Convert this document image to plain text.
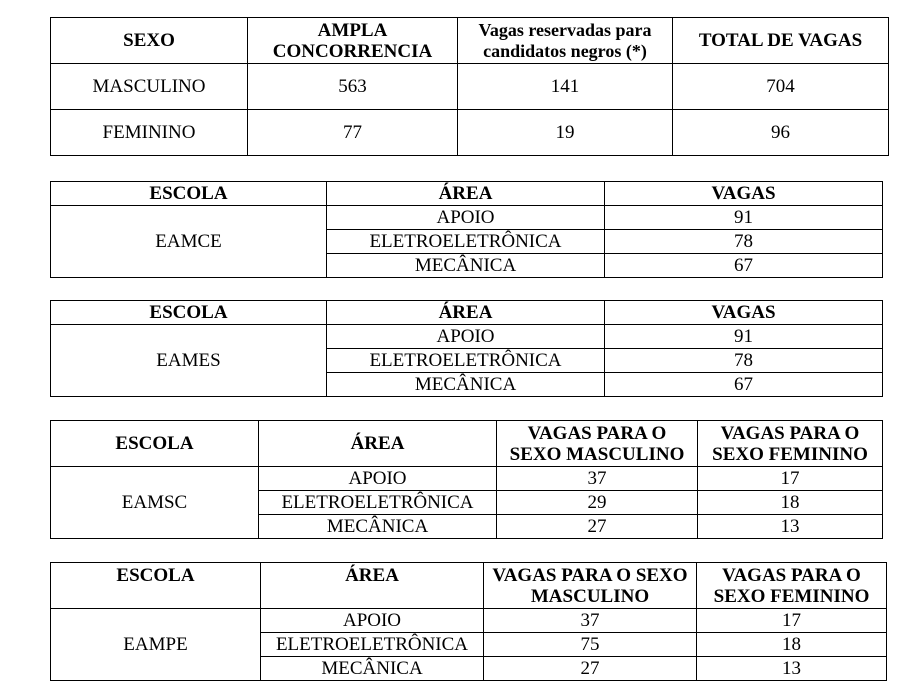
SEXO	AMPLA CONCORRENCIA	Vagas reservadas para candidatos negros (*)	TOTAL DE VAGAS
MASCULINO	563	141	704
FEMININO	77	19	96
ESCOLA	ÁREA	VAGAS
EAMCE	APOIO	91
	ELETROELETRÔNICA	78
	MECÂNICA	67
ESCOLA	ÁREA	VAGAS
EAMES	APOIO	91
	ELETROELETRÔNICA	78
	MECÂNICA	67
ESCOLA	ÁREA	VAGAS PARA O SEXO MASCULINO	VAGAS PARA O SEXO FEMININO
EAMSC	APOIO	37	17
	ELETROELETRÔNICA	29	18
	MECÂNICA	27	13
ESCOLA	ÁREA	VAGAS PARA O SEXO MASCULINO	VAGAS PARA O SEXO FEMININO
EAMPE	APOIO	37	17
	ELETROELETRÔNICA	75	18
	MECÂNICA	27	13
